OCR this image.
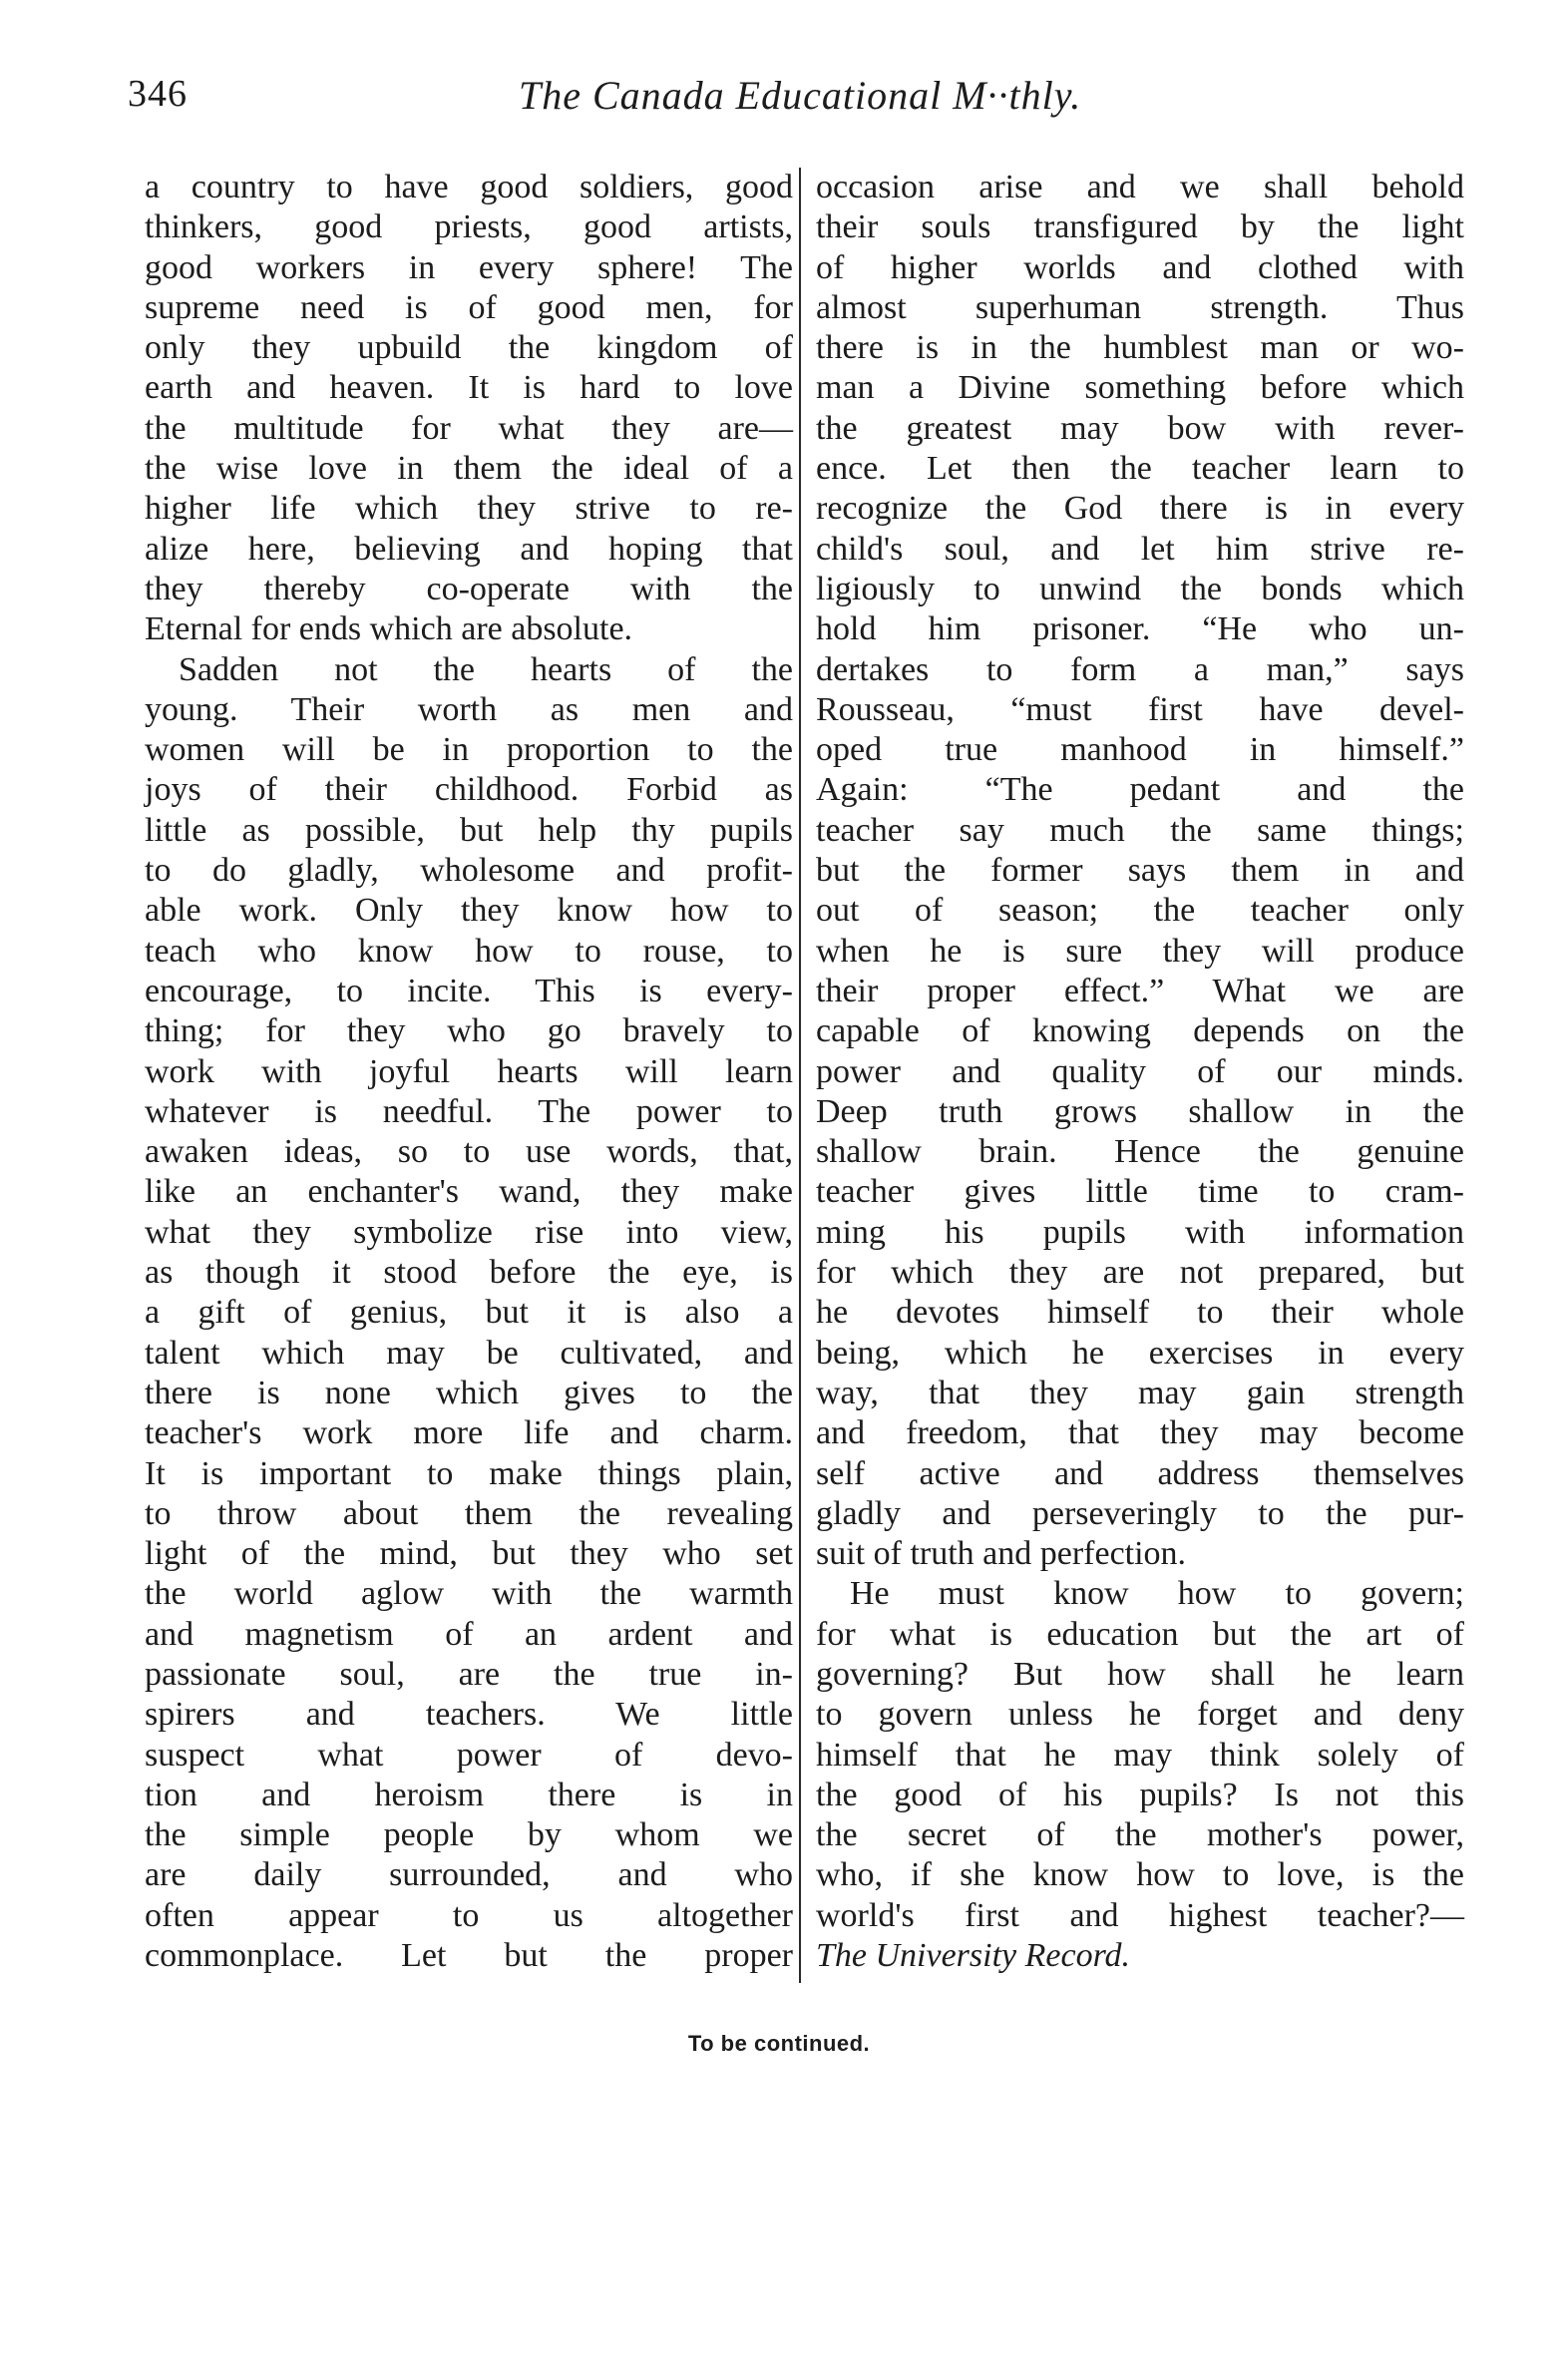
346	The Canada Educational M··thly.
a country to have good soldiers, good
thinkers, good priests, good artists,
good workers in every sphere! The
supreme need is of good men, for
only they upbuild the kingdom of
earth and heaven. It is hard to love
the multitude for what they are—
the wise love in them the ideal of a
higher life which they strive to re-
alize here, believing and hoping that
they thereby co-operate with the
Eternal for ends which are absolute.
Sadden not the hearts of the
young. Their worth as men and
women will be in proportion to the
joys of their childhood. Forbid as
little as possible, but help thy pupils
to do gladly, wholesome and profit-
able work. Only they know how to
teach who know how to rouse, to
encourage, to incite. This is every-
thing; for they who go bravely to
work with joyful hearts will learn
whatever is needful. The power to
awaken ideas, so to use words, that,
like an enchanter's wand, they make
what they symbolize rise into view,
as though it stood before the eye, is
a gift of genius, but it is also a
talent which may be cultivated, and
there is none which gives to the
teacher's work more life and charm.
It is important to make things plain,
to throw about them the revealing
light of the mind, but they who set
the world aglow with the warmth
and magnetism of an ardent and
passionate soul, are the true in-
spirers and teachers. We little
suspect what power of devo-
tion and heroism there is in
the simple people by whom we
are daily surrounded, and who
often appear to us altogether
commonplace. Let but the proper
occasion arise and we shall behold
their souls transfigured by the light
of higher worlds and clothed with
almost superhuman strength. Thus
there is in the humblest man or wo-
man a Divine something before which
the greatest may bow with rever-
ence. Let then the teacher learn to
recognize the God there is in every
child's soul, and let him strive re-
ligiously to unwind the bonds which
hold him prisoner. “He who un-
dertakes to form a man,” says
Rousseau, “must first have devel-
oped true manhood in himself.”
Again: “The pedant and the
teacher say much the same things;
but the former says them in and
out of season; the teacher only
when he is sure they will produce
their proper effect.” What we are
capable of knowing depends on the
power and quality of our minds.
Deep truth grows shallow in the
shallow brain. Hence the genuine
teacher gives little time to cram-
ming his pupils with information
for which they are not prepared, but
he devotes himself to their whole
being, which he exercises in every
way, that they may gain strength
and freedom, that they may become
self active and address themselves
gladly and perseveringly to the pur-
suit of truth and perfection.
He must know how to govern;
for what is education but the art of
governing? But how shall he learn
to govern unless he forget and deny
himself that he may think solely of
the good of his pupils? Is not this
the secret of the mother's power,
who, if she know how to love, is the
world's first and highest teacher?—
The University Record.
To be continued.
